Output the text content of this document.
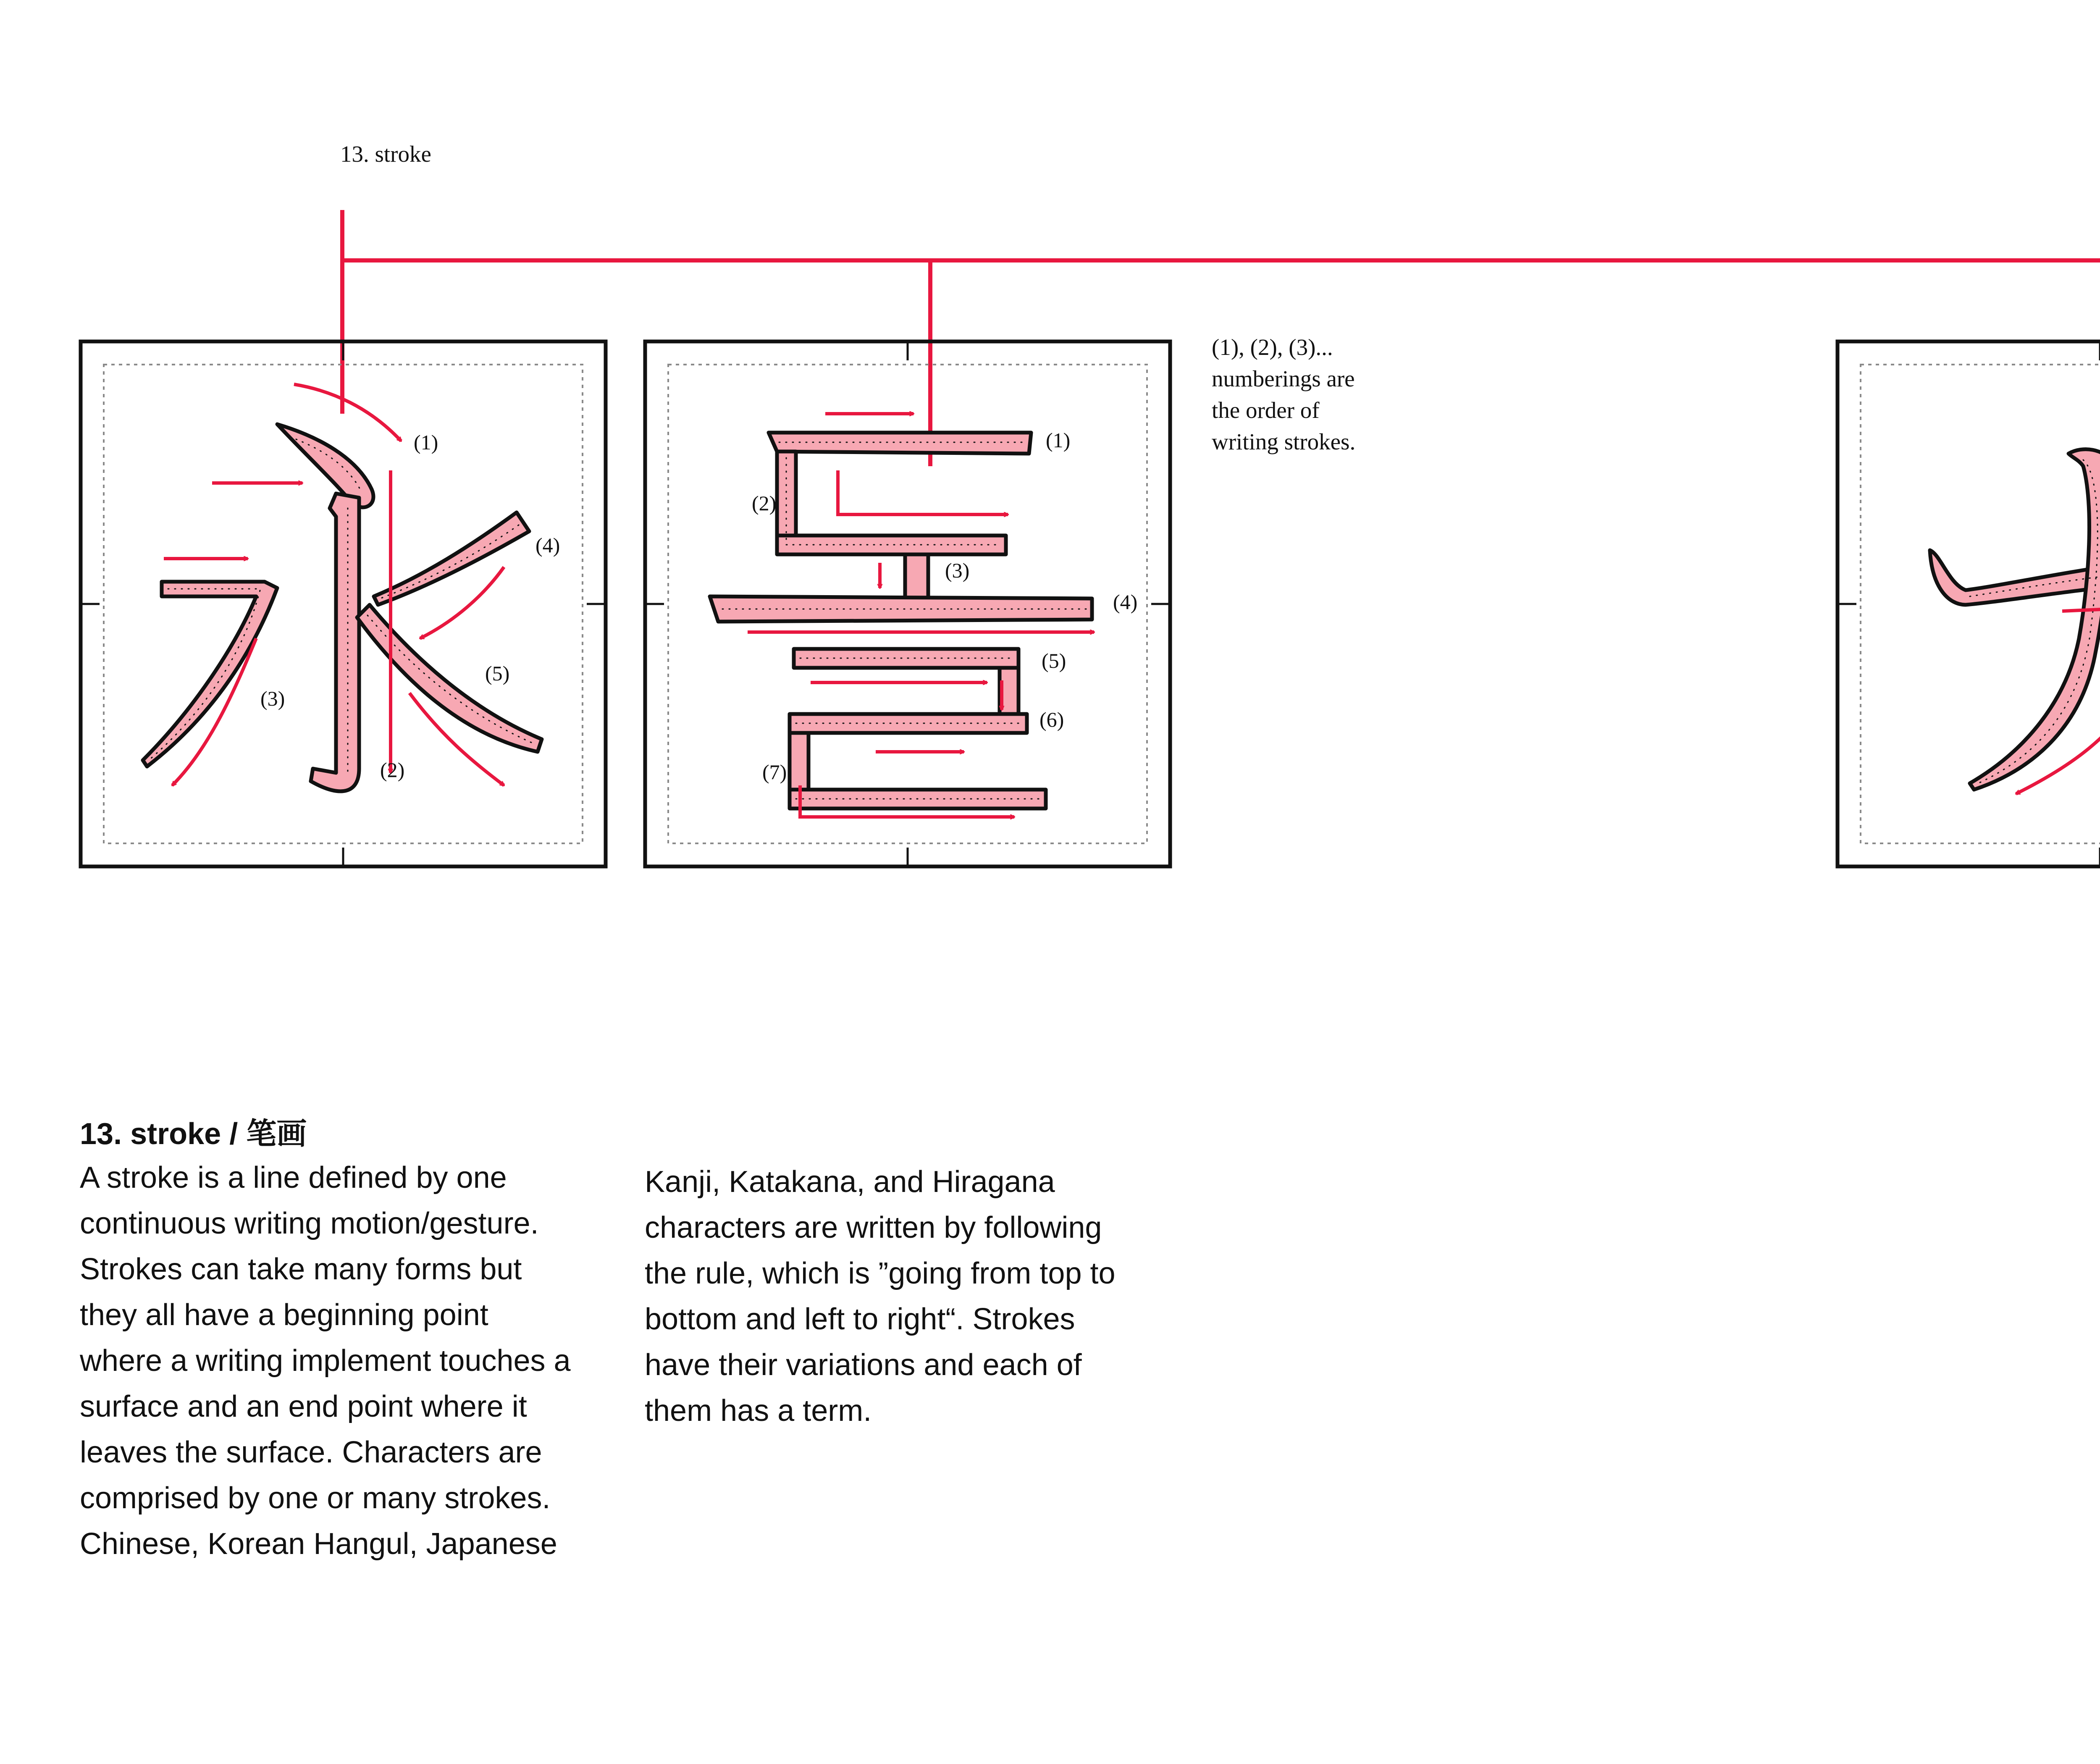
13. stroke
(1)
(2)
(3)
(4)
(5)
(1)
(2)
(3)
(4)
(5)
(6)
(7)
(1), (2), (3)...
numberings are
the order of
writing strokes.
13. stroke / 笔画
A stroke is a line defined by one
continuous writing motion/gesture.
Strokes can take many forms but
they all have a beginning point
where a writing implement touches a
surface and an end point where it
leaves the surface. Characters are
comprised by one or many strokes.
Chinese, Korean Hangul, Japanese
Kanji, Katakana, and Hiragana
characters are written by following
the rule, which is ”going from top to
bottom and left to right“. Strokes
have their variations and each of
them has a term.
